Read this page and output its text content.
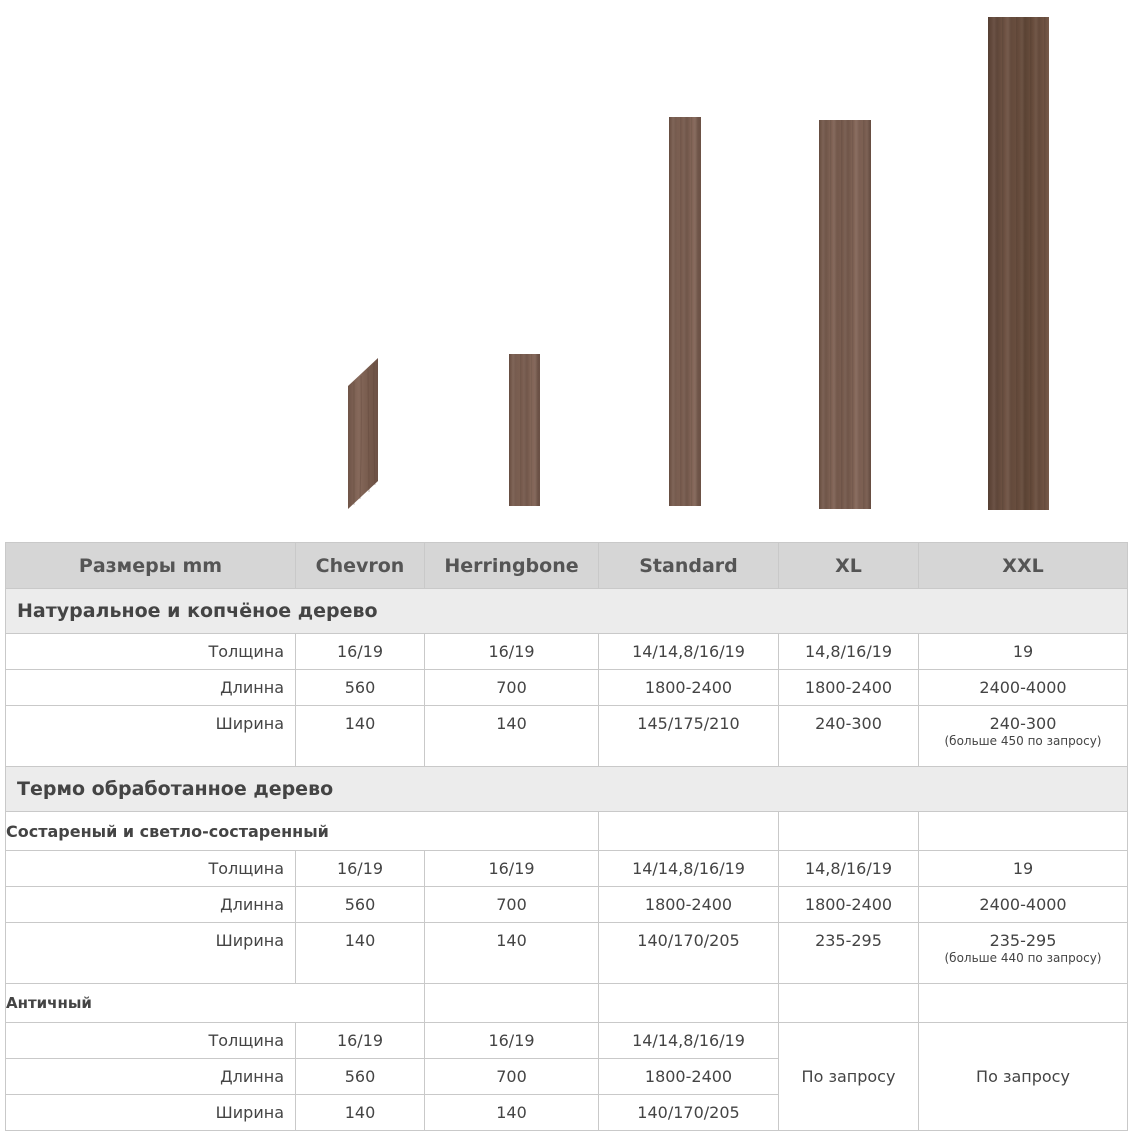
Размеры mm	Chevron	Herringbone	Standard	XL	XXL
Натуральное и копчёное дерево					
Толщина	16/19	16/19	14/14,8/16/19	14,8/16/19	19
Длинна	560	700	1800-2400	1800-2400	2400-4000
Ширина	140	140	145/175/210	240-300	240-300
(больше 450 по запросу)

Термо обработанное дерево					
Состареный и светло-состаренный					
Толщина	16/19	16/19	14/14,8/16/19	14,8/16/19	19
Длинна	560	700	1800-2400	1800-2400	2400-4000
Ширина	140	140	140/170/205	235-295	235-295
(больше 440 по запросу)

Античный					
Толщина	16/19	16/19	14/14,8/16/19	По запросу	По запросу
Длинна	560	700	1800-2400		
Ширина	140	140	140/170/205		
